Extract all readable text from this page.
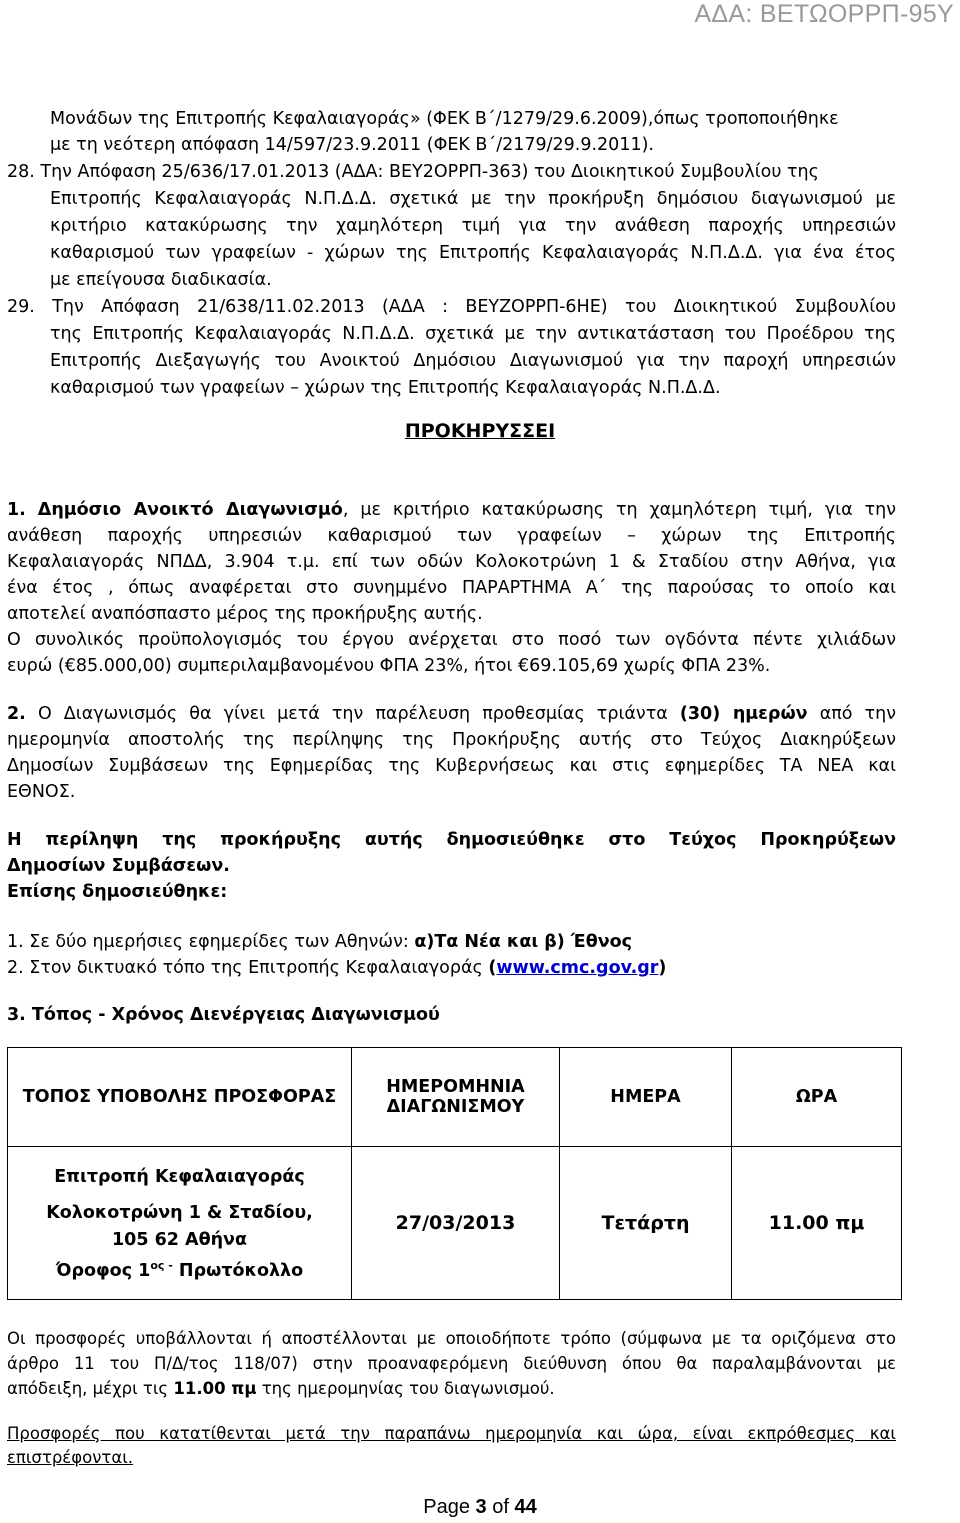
ΑΔΑ: ΒΕΤΩΟΡΡΠ-95Υ
Μονάδων της Επιτροπής Κεφαλαιαγοράς» (ΦΕΚ Β΄/1279/29.6.2009),όπως τροποποιήθηκε
με τη νεότερη απόφαση 14/597/23.9.2011 (ΦΕΚ Β΄/2179/29.9.2011).
28. Την Απόφαση 25/636/17.01.2013 (ΑΔΑ: ΒΕΥ2ΟΡΡΠ-363) του Διοικητικού Συμβουλίου της
Επιτροπής Κεφαλαιαγοράς Ν.Π.Δ.Δ. σχετικά με την προκήρυξη δημόσιου διαγωνισμού με
κριτήριο κατακύρωσης την χαμηλότερη τιμή για την ανάθεση παροχής υπηρεσιών
καθαρισμού των γραφείων - χώρων της Επιτροπής Κεφαλαιαγοράς Ν.Π.Δ.Δ. για ένα έτος
με επείγουσα διαδικασία.
29. Την Απόφαση 21/638/11.02.2013 (ΑΔΑ : ΒΕΥΖΟΡΡΠ-6ΗΕ) του Διοικητικού Συμβουλίου
της Επιτροπής Κεφαλαιαγοράς Ν.Π.Δ.Δ. σχετικά με την αντικατάσταση του Προέδρου της
Επιτροπής Διεξαγωγής του Ανοικτού Δημόσιου Διαγωνισμού για την παροχή υπηρεσιών
καθαρισμού των γραφείων – χώρων της Επιτροπής Κεφαλαιαγοράς Ν.Π.Δ.Δ.
ΠΡΟΚΗΡΥΣΣΕΙ
1. Δημόσιο Ανοικτό Διαγωνισμό, με κριτήριο κατακύρωσης τη χαμηλότερη τιμή, για την
ανάθεση παροχής υπηρεσιών καθαρισμού των γραφείων – χώρων της Επιτροπής
Κεφαλαιαγοράς ΝΠΔΔ, 3.904 τ.μ. επί των οδών Κολοκοτρώνη 1 & Σταδίου στην Αθήνα, για
ένα έτος , όπως αναφέρεται στο συνημμένο ΠΑΡΑΡΤΗΜΑ Α΄ της παρούσας το οποίο και
αποτελεί αναπόσπαστο μέρος της προκήρυξης αυτής.
Ο συνολικός προϋπολογισμός του έργου ανέρχεται στο ποσό των ογδόντα πέντε χιλιάδων
ευρώ (€85.000,00) συμπεριλαμβανομένου ΦΠΑ 23%, ήτοι €69.105,69 χωρίς ΦΠΑ 23%.
2. Ο Διαγωνισμός θα γίνει μετά την παρέλευση προθεσμίας τριάντα (30) ημερών από την
ημερομηνία αποστολής της περίληψης της Προκήρυξης αυτής στο Τεύχος Διακηρύξεων
Δημοσίων Συμβάσεων της Εφημερίδας της Κυβερνήσεως και στις εφημερίδες ΤΑ ΝΕΑ και
ΕΘΝΟΣ.
Η περίληψη της προκήρυξης αυτής δημοσιεύθηκε στο Τεύχος Προκηρύξεων
Δημοσίων Συμβάσεων.
Επίσης δημοσιεύθηκε:
1. Σε δύο ημερήσιες εφημερίδες των Αθηνών: α)Τα Νέα και β) Έθνος
2. Στον δικτυακό τόπο της Επιτροπής Κεφαλαιαγοράς (www.cmc.gov.gr)
3. Τόπος - Χρόνος Διενέργειας Διαγωνισμού
ΤΟΠΟΣ ΥΠΟΒΟΛΗΣ ΠΡΟΣΦΟΡΑΣ	ΗΜΕΡΟΜΗΝΙΑ
ΔΙΑΓΩΝΙΣΜΟΥ	ΗΜΕΡΑ	ΩΡΑ

Επιτροπή Κεφαλαιαγοράς
Κολοκοτρώνη 1 & Σταδίου,
105 62 Αθήνα
Όροφος $1^{o\varsigma -}$ Πρωτόκολλο	27/03/2013	Τετάρτη	11.00 πμ
Οι προσφορές υποβάλλονται ή αποστέλλονται με οποιοδήποτε τρόπο (σύμφωνα με τα οριζόμενα στο
άρθρο 11 του Π/Δ/τος 118/07) στην προαναφερόμενη διεύθυνση όπου θα παραλαμβάνονται με
απόδειξη, μέχρι τις 11.00 πμ της ημερομηνίας του διαγωνισμού.
Προσφορές που κατατίθενται μετά την παραπάνω ημερομηνία και ώρα, είναι εκπρόθεσμες και
επιστρέφονται.
Page 3 of 44
